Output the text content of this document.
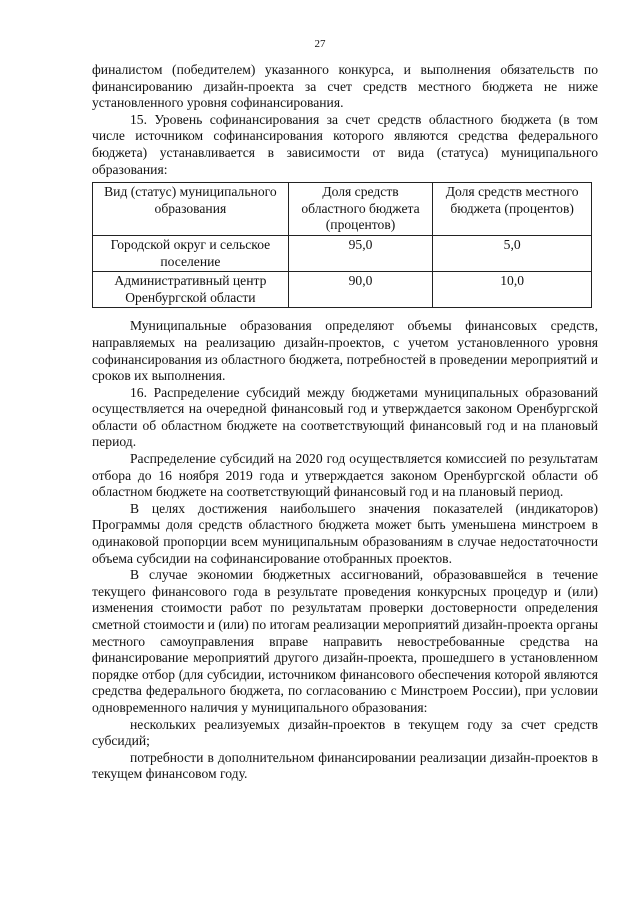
27

финалистом (победителем) указанного конкурса, и выполнения обязательств по финансированию дизайн-проекта за счет средств местного бюджета не ниже установленного уровня софинансирования.

15. Уровень софинансирования за счет средств областного бюджета (в том числе источником софинансирования которого являются средства федерального бюджета) устанавливается в зависимости от вида (статуса) муниципального образования:

Вид (статус) муниципального образования	Доля средств областного бюджета (процентов)	Доля средств местного бюджета (процентов)
Городской округ и сельское поселение	95,0	5,0
Административный центр Оренбургской области	90,0	10,0

Муниципальные образования определяют объемы финансовых средств, направляемых на реализацию дизайн-проектов, с учетом установленного уровня софинансирования из областного бюджета, потребностей в проведении мероприятий и сроков их выполнения.

16. Распределение субсидий между бюджетами муниципальных образований осуществляется на очередной финансовый год и утверждается законом Оренбургской области об областном бюджете на соответствующий финансовый год и на плановый период.

Распределение субсидий на 2020 год осуществляется комиссией по результатам отбора до 16 ноября 2019 года и утверждается законом Оренбургской области об областном бюджете на соответствующий финансовый год и на плановый период.

В целях достижения наибольшего значения показателей (индикаторов) Программы доля средств областного бюджета может быть уменьшена минстроем в одинаковой пропорции всем муниципальным образованиям в случае недостаточности объема субсидии на софинансирование отобранных проектов.

В случае экономии бюджетных ассигнований, образовавшейся в течение текущего финансового года в результате проведения конкурсных процедур и (или) изменения стоимости работ по результатам проверки достоверности определения сметной стоимости и (или) по итогам реализации мероприятий дизайн-проекта органы местного самоуправления вправе направить невостребованные средства на финансирование мероприятий другого дизайн-проекта, прошедшего в установленном порядке отбор (для субсидии, источником финансового обеспечения которой являются средства федерального бюджета, по согласованию с Минстроем России), при условии одновременного наличия у муниципального образования:

нескольких реализуемых дизайн-проектов в текущем году за счет средств субсидий;

потребности в дополнительном финансировании реализации дизайн-проектов в текущем финансовом году.
